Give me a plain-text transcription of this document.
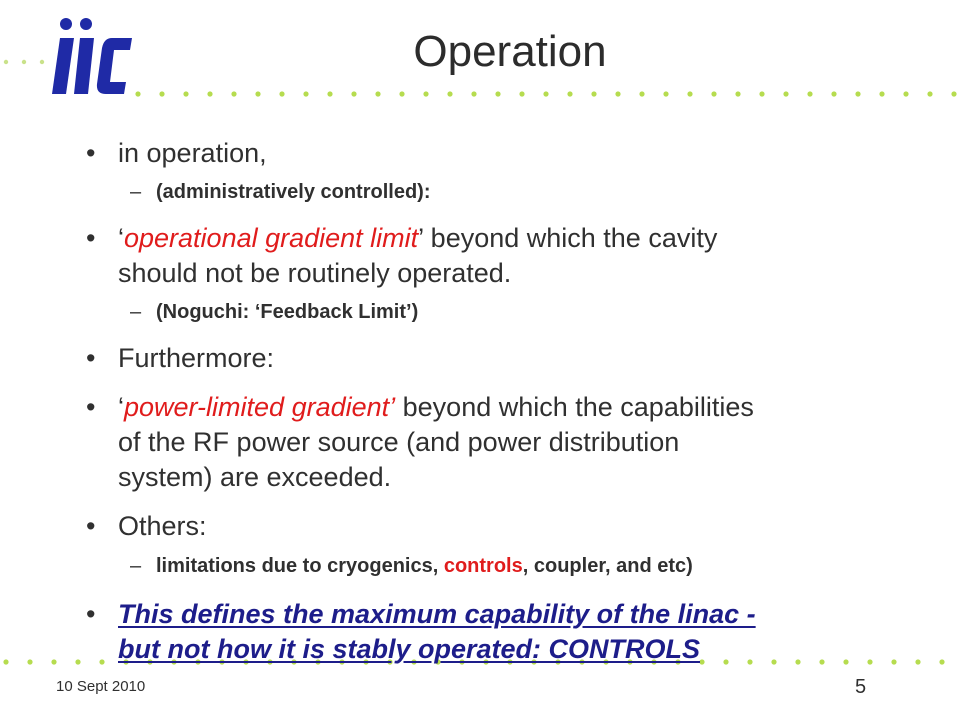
ilc
Operation
• in operation,
– (administratively controlled):
• ‘operational gradient limit’ beyond which the cavity
should not be routinely operated.
– (Noguchi: ‘Feedback Limit’)
• Furthermore:
• ‘power-limited gradient’ beyond which the capabilities
of the RF power source (and power distribution
system) are exceeded.
• Others:
– limitations due to cryogenics, controls, coupler, and etc)
• This defines the maximum capability of the linac -
but not how it is stably operated: CONTROLS
10 Sept 2010	5
